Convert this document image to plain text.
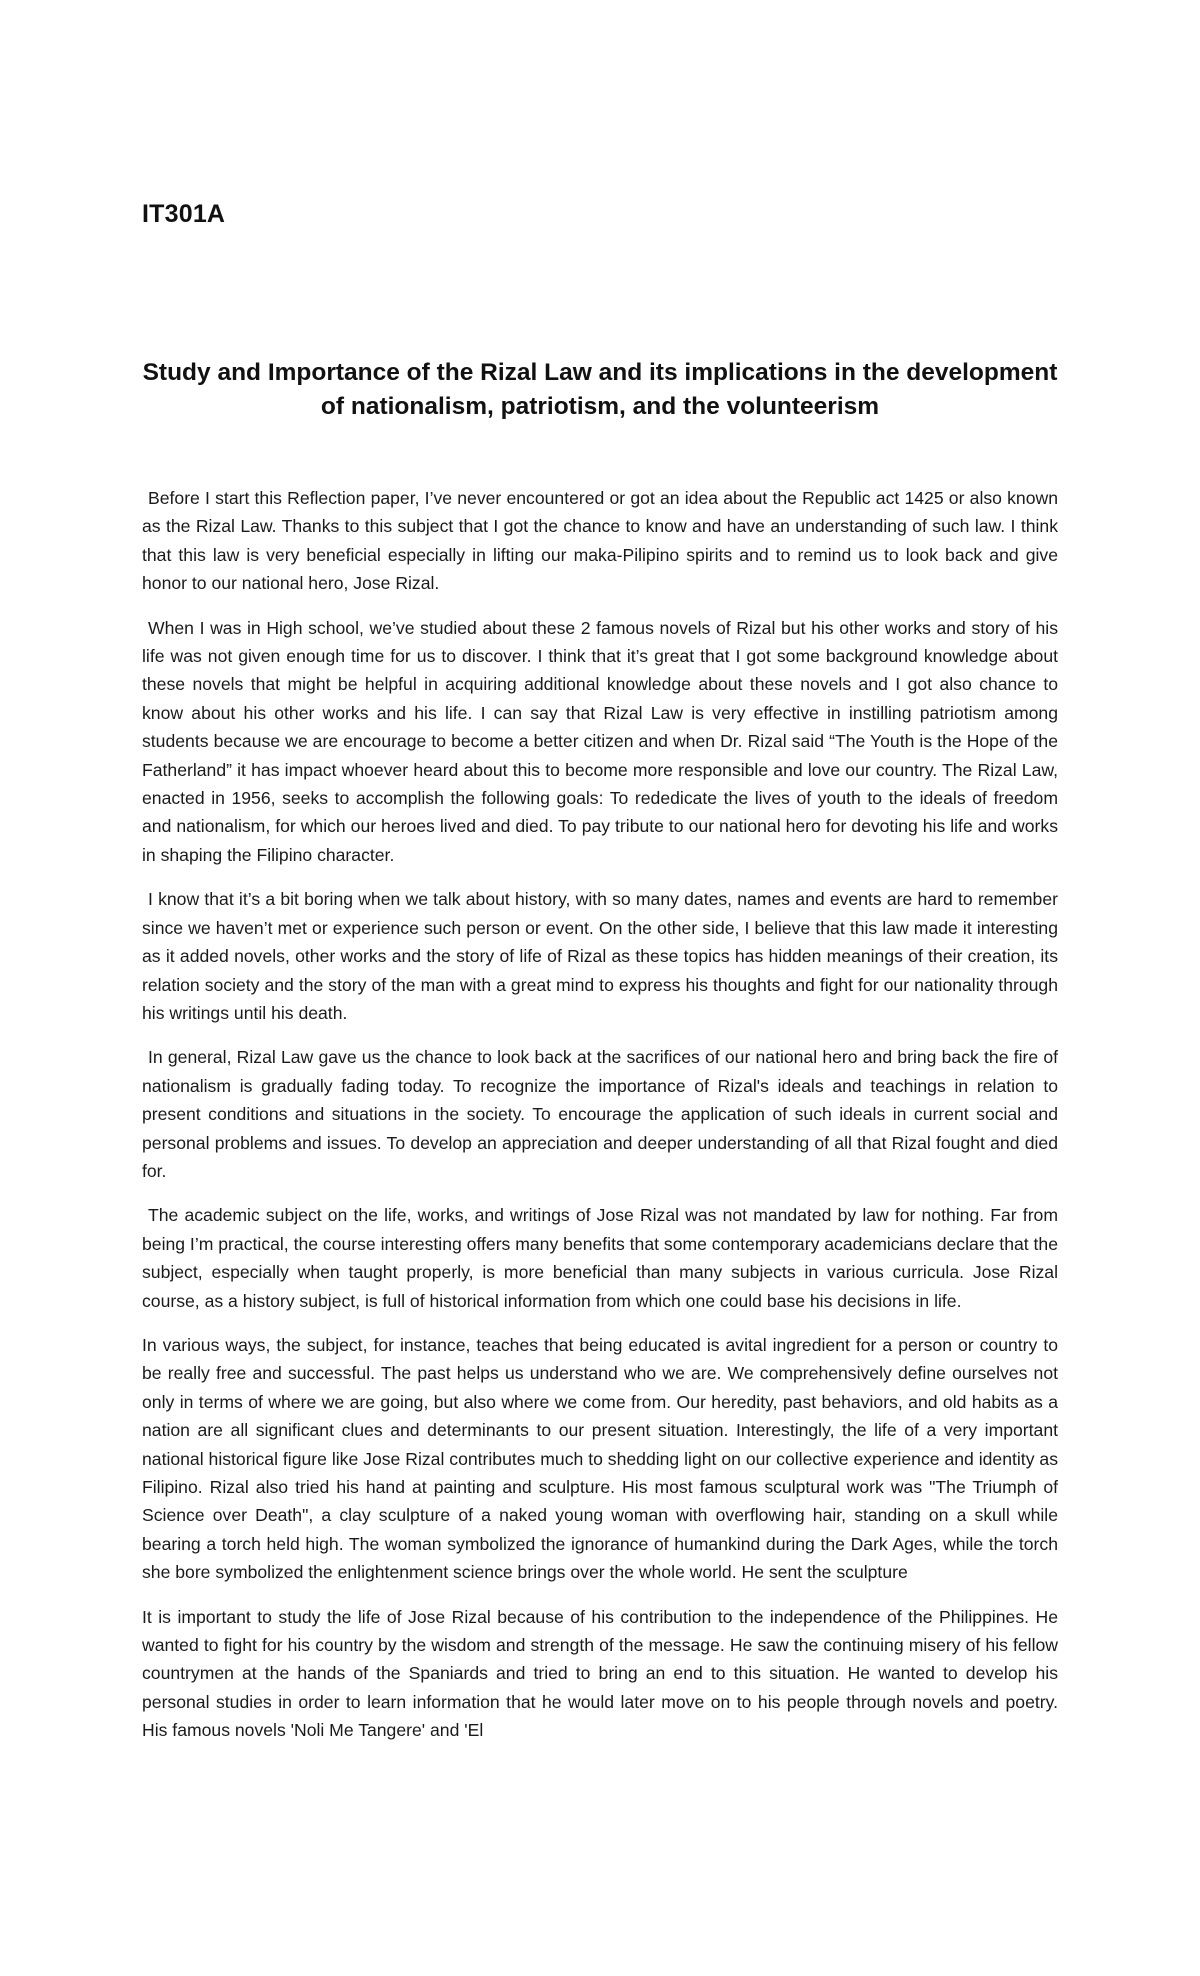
IT301A
Study and Importance of the Rizal Law and its implications in the development of nationalism, patriotism, and the volunteerism

Before I start this Reflection paper, I’ve never encountered or got an idea about the Republic act 1425 or also known as the Rizal Law. Thanks to this subject that I got the chance to know and have an understanding of such law. I think that this law is very beneficial especially in lifting our maka-Pilipino spirits and to remind us to look back and give honor to our national hero, Jose Rizal.

When I was in High school, we’ve studied about these 2 famous novels of Rizal but his other works and story of his life was not given enough time for us to discover. I think that it’s great that I got some background knowledge about these novels that might be helpful in acquiring additional knowledge about these novels and I got also chance to know about his other works and his life. I can say that Rizal Law is very effective in instilling patriotism among students because we are encourage to become a better citizen and when Dr. Rizal said “The Youth is the Hope of the Fatherland” it has impact whoever heard about this to become more responsible and love our country. The Rizal Law, enacted in 1956, seeks to accomplish the following goals: To rededicate the lives of youth to the ideals of freedom and nationalism, for which our heroes lived and died. To pay tribute to our national hero for devoting his life and works in shaping the Filipino character.

I know that it’s a bit boring when we talk about history, with so many dates, names and events are hard to remember since we haven’t met or experience such person or event. On the other side, I believe that this law made it interesting as it added novels, other works and the story of life of Rizal as these topics has hidden meanings of their creation, its relation society and the story of the man with a great mind to express his thoughts and fight for our nationality through his writings until his death.

In general, Rizal Law gave us the chance to look back at the sacrifices of our national hero and bring back the fire of nationalism is gradually fading today. To recognize the importance of Rizal's ideals and teachings in relation to present conditions and situations in the society. To encourage the application of such ideals in current social and personal problems and issues. To develop an appreciation and deeper understanding of all that Rizal fought and died for.

The academic subject on the life, works, and writings of Jose Rizal was not mandated by law for nothing. Far from being I’m practical, the course interesting offers many benefits that some contemporary academicians declare that the subject, especially when taught properly, is more beneficial than many subjects in various curricula. Jose Rizal course, as a history subject, is full of historical information from which one could base his decisions in life.

In various ways, the subject, for instance, teaches that being educated is avital ingredient for a person or country to be really free and successful. The past helps us understand who we are. We comprehensively define ourselves not only in terms of where we are going, but also where we come from. Our heredity, past behaviors, and old habits as a nation are all significant clues and determinants to our present situation. Interestingly, the life of a very important national historical figure like Jose Rizal contributes much to shedding light on our collective experience and identity as Filipino. Rizal also tried his hand at painting and sculpture. His most famous sculptural work was "The Triumph of Science over Death", a clay sculpture of a naked young woman with overflowing hair, standing on a skull while bearing a torch held high. The woman symbolized the ignorance of humankind during the Dark Ages, while the torch she bore symbolized the enlightenment science brings over the whole world. He sent the sculpture

It is important to study the life of Jose Rizal because of his contribution to the independence of the Philippines. He wanted to fight for his country by the wisdom and strength of the message. He saw the continuing misery of his fellow countrymen at the hands of the Spaniards and tried to bring an end to this situation. He wanted to develop his personal studies in order to learn information that he would later move on to his people through novels and poetry. His famous novels 'Noli Me Tangere' and 'El
